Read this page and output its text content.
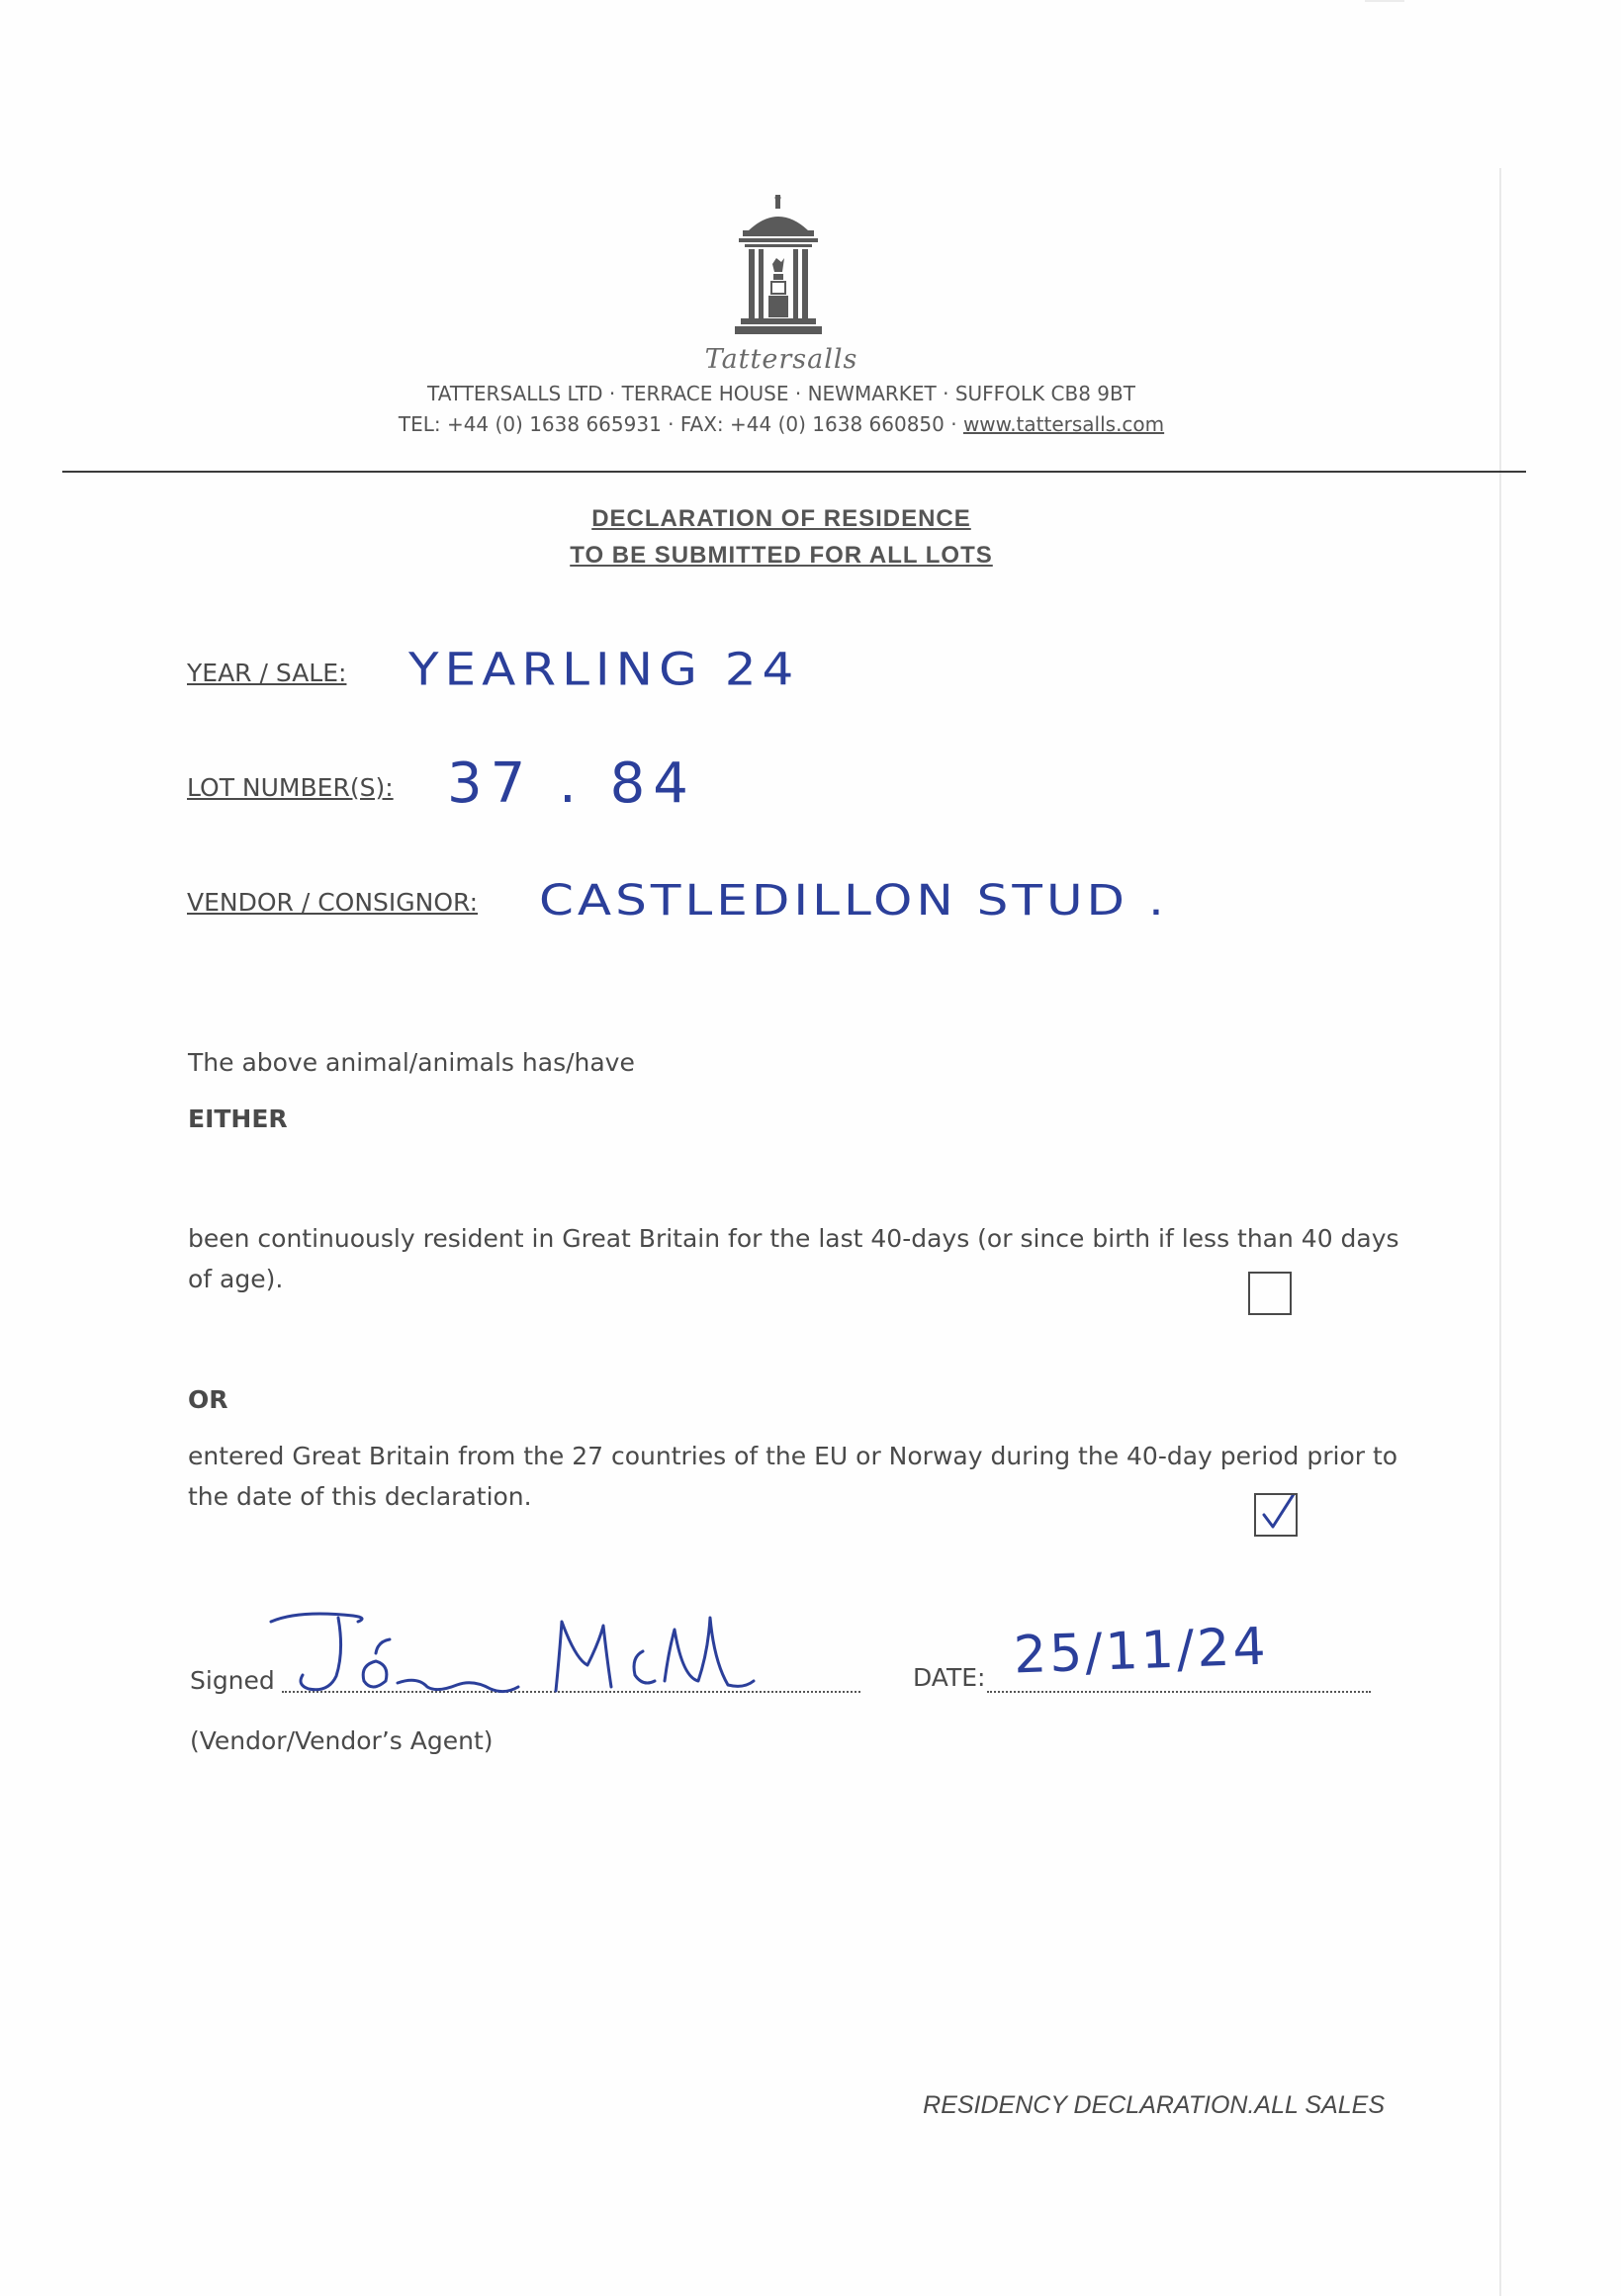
Tattersalls
TATTERSALLS LTD · TERRACE HOUSE · NEWMARKET · SUFFOLK CB8 9BT
TEL: +44 (0) 1638 665931 · FAX: +44 (0) 1638 660850 · www.tattersalls.com
DECLARATION OF RESIDENCE
TO BE SUBMITTED FOR ALL LOTS
YEAR / SALE: YEARLING 24
LOT NUMBER(S): 37 . 84
VENDOR / CONSIGNOR: CASTLEDILLON STUD .
The above animal/animals has/have
EITHER
been continuously resident in Great Britain for the last 40-days (or since birth if less than 40 days of age).
OR
entered Great Britain from the 27 countries of the EU or Norway during the 40-day period prior to the date of this declaration.
Signed	DATE: 25/11/24
(Vendor/Vendor’s Agent)
RESIDENCY DECLARATION.ALL SALES
